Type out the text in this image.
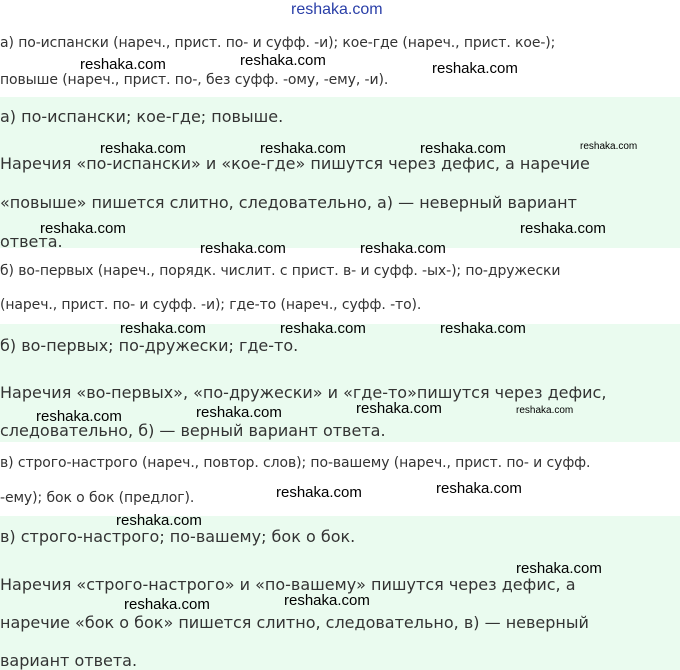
а) по-испански (нареч., прист. по- и суфф. -и); кое-где (нареч., прист. кое-);
повыше (нареч., прист. по-, без суфф. -ому, -ему, -и).
а) по-испански; кое-где; повыше.
Наречия «по-испански» и «кое-где» пишутся через дефис, а наречие
«повыше» пишется слитно, следовательно, а) — неверный вариант
ответа.
б) во-первых (нареч., порядк. числит. с прист. в- и суфф. -ых-); по-дружески
(нареч., прист. по- и суфф. -и); где-то (нареч., суфф. -то).
б) во-первых; по-дружески; где-то.
Наречия «во-первых», «по-дружески» и «где-то»пишутся через дефис,
следовательно, б) — верный вариант ответа.
в) строго-настрого (нареч., повтор. слов); по-вашему (нареч., прист. по- и суфф.
-ему); бок о бок (предлог).
в) строго-настрого; по-вашему; бок о бок.
Наречия «строго-настрого» и «по-вашему» пишутся через дефис, а
наречие «бок о бок» пишется слитно, следовательно, в) — неверный
вариант ответа.
reshaka.com
reshaka.com	reshaka.com	reshaka.com
reshaka.com	reshaka.com	reshaka.com	reshaka.com
reshaka.com
reshaka.com	reshaka.com
reshaka.com
reshaka.com	reshaka.com	reshaka.com
reshaka.com	reshaka.com	reshaka.com	reshaka.com
reshaka.com	reshaka.com
reshaka.com
reshaka.com
reshaka.com	reshaka.com
